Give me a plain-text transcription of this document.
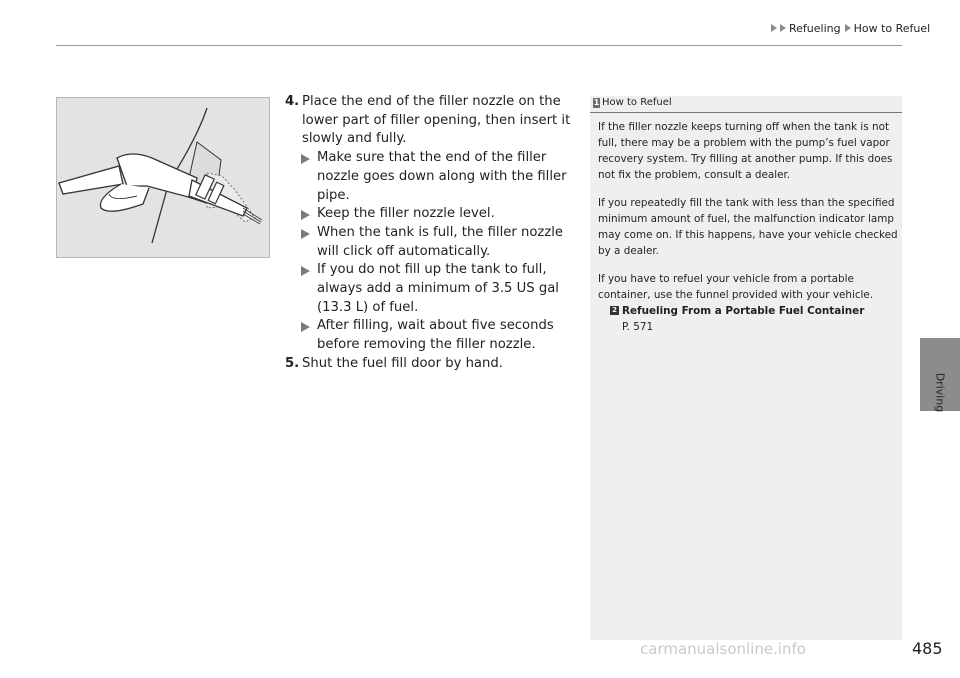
Refueling How to Refuel
Driving
4. Place the end of the filler nozzle on the lower part of filler opening, then insert it slowly and fully.
Make sure that the end of the filler nozzle goes down along with the filler pipe.
Keep the filler nozzle level.
When the tank is full, the filler nozzle will click off automatically.
If you do not fill up the tank to full, always add a minimum of 3.5 US gal (13.3 L) of fuel.
After filling, wait about five seconds before removing the filler nozzle.
5. Shut the fuel fill door by hand.
1 How to Refuel

If the filler nozzle keeps turning off when the tank is not full, there may be a problem with the pump’s fuel vapor recovery system. Try filling at another pump. If this does not fix the problem, consult a dealer.

If you repeatedly fill the tank with less than the specified minimum amount of fuel, the malfunction indicator lamp may come on. If this happens, have your vehicle checked by a dealer.

If you have to refuel your vehicle from a portable container, use the funnel provided with your vehicle.

2 Refueling From a Portable Fuel Container
P. 571
485
carmanualsonline.info
